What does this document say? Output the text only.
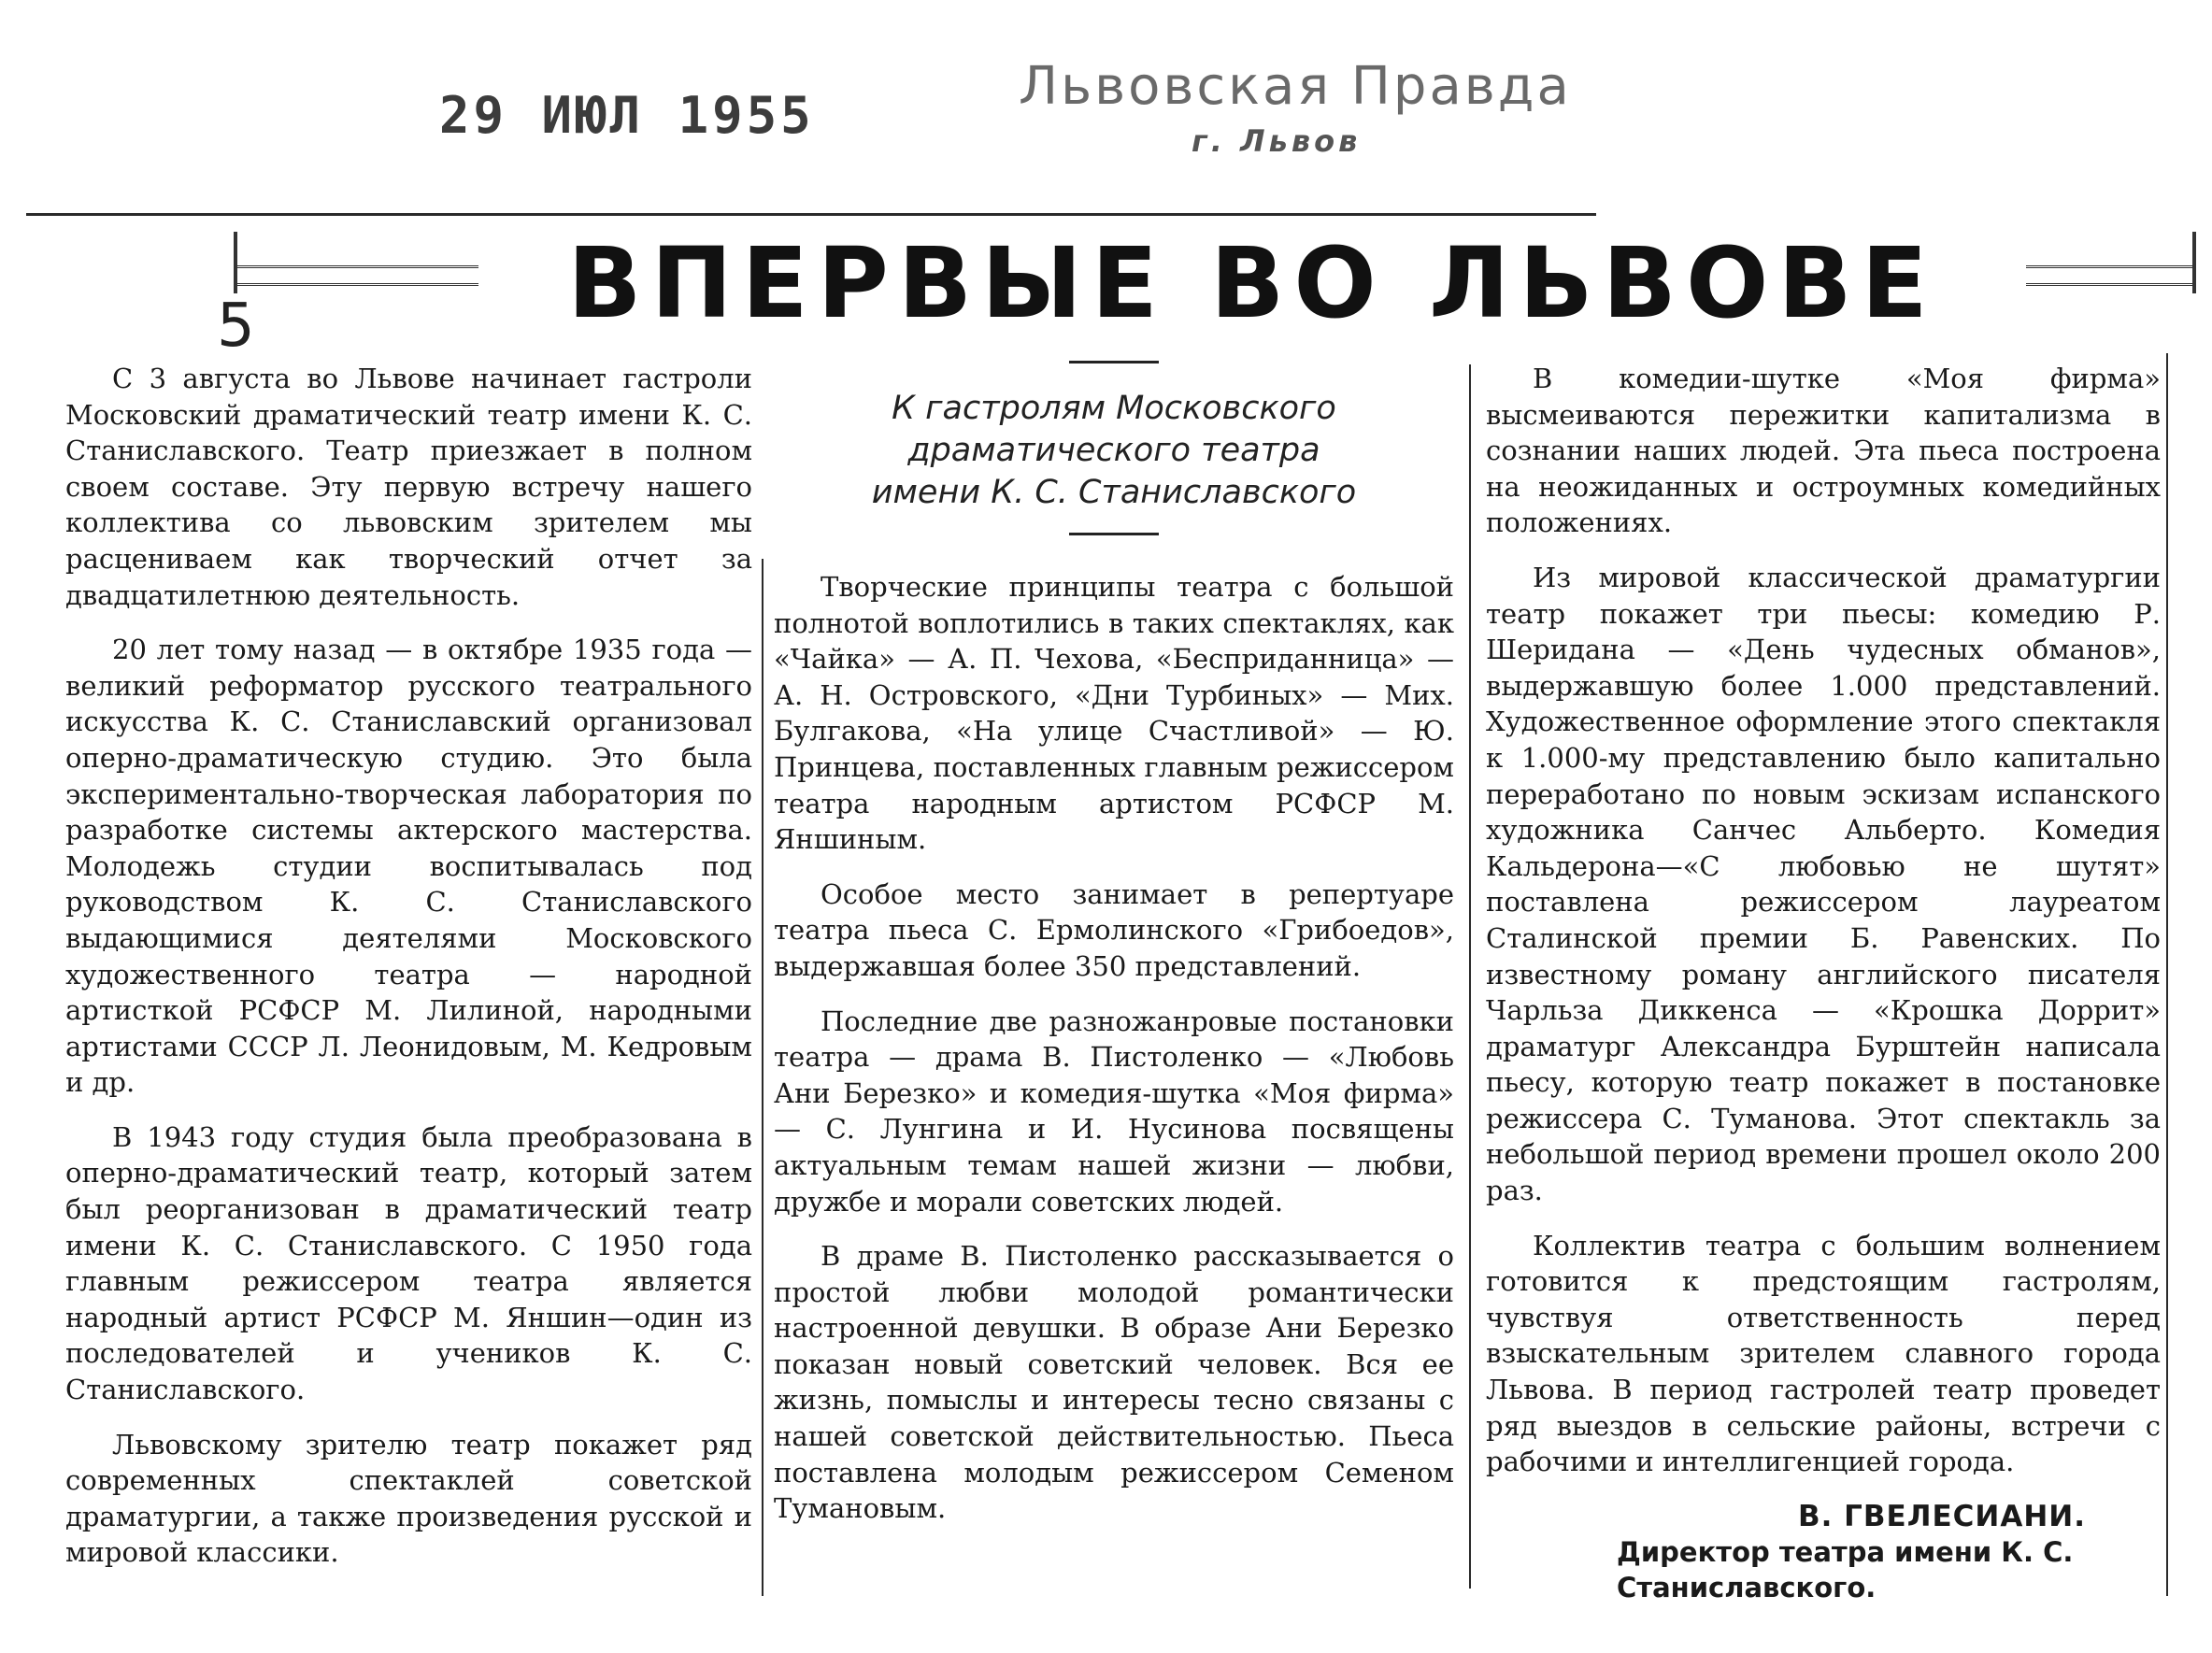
29 ИЮЛ 1955	Львовская Правда
г. Львов
ВПЕРВЫЕ ВО ЛЬВОВЕ
5

С 3 августа во Львове начинает гастроли Московский драматический театр имени К. С. Станиславского. Театр приезжает в полном своем составе. Эту первую встречу нашего коллектива со львовским зрителем мы расцениваем как творческий отчет за двадцатилетнюю деятельность.

20 лет тому назад — в октябре 1935 года — великий реформатор русского театрального искусства К. С. Станиславский организовал оперно-драматическую студию. Это была экспериментально-творческая лаборатория по разработке системы актерского мастерства. Молодежь студии воспитывалась под руководством К. С. Станиславского выдающимися деятелями Московского художественного театра — народной артисткой РСФСР М. Лилиной, народными артистами СССР Л. Леонидовым, М. Кедровым и др.

В 1943 году студия была преобразована в оперно-драматический театр, который затем был реорганизован в драматический театр имени К. С. Станиславского. С 1950 года главным режиссером театра является народный артист РСФСР М. Яншин—один из последователей и учеников К. С. Станиславского.

Львовскому зрителю театр покажет ряд современных спектаклей советской драматургии, а также произведения русской и мировой классики.

К гастролям Московского
драматического театра
имени К. С. Станиславского

Творческие принципы театра с большой полнотой воплотились в таких спектаклях, как «Чайка» — А. П. Чехова, «Бесприданница» — А. Н. Островского, «Дни Турбиных» — Мих. Булгакова, «На улице Счастливой» — Ю. Принцева, поставленных главным режиссером театра народным артистом РСФСР М. Яншиным.

Особое место занимает в репертуаре театра пьеса С. Ермолинского «Грибоедов», выдержавшая более 350 представлений.

Последние две разножанровые постановки театра — драма В. Пистоленко — «Любовь Ани Березко» и комедия-шутка «Моя фирма» — С. Лунгина и И. Нусинова посвящены актуальным темам нашей жизни — любви, дружбе и морали советских людей.

В драме В. Пистоленко рассказывается о простой любви молодой романтически настроенной девушки. В образе Ани Березко показан новый советский человек. Вся ее жизнь, помыслы и интересы тесно связаны с нашей советской действительностью. Пьеса поставлена молодым режиссером Семеном Тумановым.

В комедии-шутке «Моя фирма» высмеиваются пережитки капитализма в сознании наших людей. Эта пьеса построена на неожиданных и остроумных комедийных положениях.

Из мировой классической драматургии театр покажет три пьесы: комедию Р. Шеридана — «День чудесных обманов», выдержавшую более 1.000 представлений. Художественное оформление этого спектакля к 1.000-му представлению было капитально переработано по новым эскизам испанского художника Санчес Альберто. Комедия Кальдерона—«С любовью не шутят» поставлена режиссером лауреатом Сталинской премии Б. Равенских. По известному роману английского писателя Чарльза Диккенса — «Крошка Доррит» драматург Александра Бурштейн написала пьесу, которую театр покажет в постановке режиссера С. Туманова. Этот спектакль за небольшой период времени прошел около 200 раз.

Коллектив театра с большим волнением готовится к предстоящим гастролям, чувствуя ответственность перед взыскательным зрителем славного города Львова. В период гастролей театр проведет ряд выездов в сельские районы, встречи с рабочими и интеллигенцией города.

В. ГВЕЛЕСИАНИ.
Директор театра имени К. С. Станиславского.
